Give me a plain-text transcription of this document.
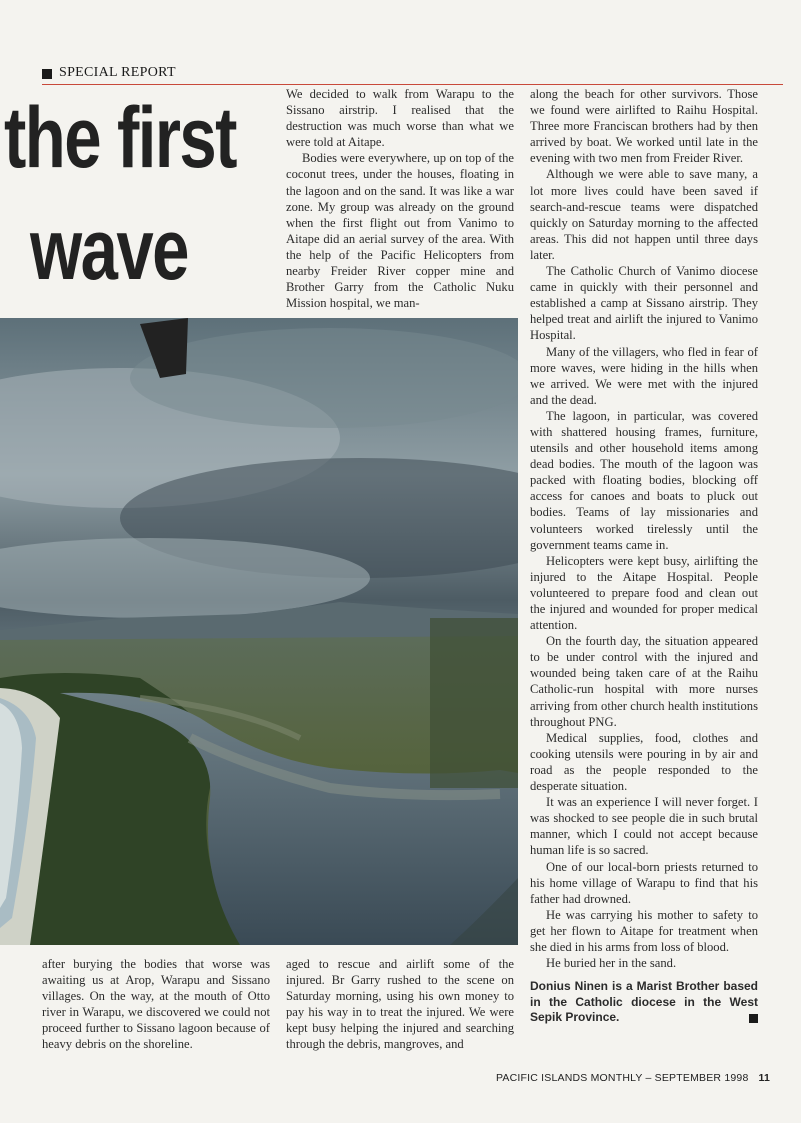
SPECIAL REPORT
the first
wave

We decided to walk from Warapu to the Sissano airstrip. I realised that the destruction was much worse than what we were told at Aitape.

Bodies were everywhere, up on top of the coconut trees, under the houses, floating in the lagoon and on the sand. It was like a war zone. My group was already on the ground when the first flight out from Vanimo to Aitape did an aerial survey of the area. With the help of the Pacific Helicopters from nearby Freider River copper mine and Brother Garry from the Catholic Nuku Mission hospital, we man-

along the beach for other survivors. Those we found were airlifted to Raihu Hospital. Three more Franciscan brothers had by then arrived by boat. We worked until late in the evening with two men from Freider River.

Although we were able to save many, a lot more lives could have been saved if search-and-rescue teams were dispatched quickly on Saturday morning to the affected areas. This did not happen until three days later.

The Catholic Church of Vanimo diocese came in quickly with their personnel and established a camp at Sissano airstrip. They helped treat and airlift the injured to Vanimo Hospital.

Many of the villagers, who fled in fear of more waves, were hiding in the hills when we arrived. We were met with the injured and the dead.

The lagoon, in particular, was covered with shattered housing frames, furniture, utensils and other household items among dead bodies. The mouth of the lagoon was packed with floating bodies, blocking off access for canoes and boats to pluck out bodies. Teams of lay missionaries and volunteers worked tirelessly until the government teams came in.

Helicopters were kept busy, airlifting the injured to the Aitape Hospital. People volunteered to prepare food and clean out the injured and wounded for proper medical attention.

On the fourth day, the situation appeared to be under control with the injured and wounded being taken care of at the Raihu Catholic-run hospital with more nurses arriving from other church health institutions throughout PNG.

Medical supplies, food, clothes and cooking utensils were pouring in by air and road as the people responded to the desperate situation.

It was an experience I will never forget. I was shocked to see people die in such brutal manner, which I could not accept because human life is so sacred.

One of our local-born priests returned to his home village of Warapu to find that his father had drowned.

He was carrying his mother to safety to get her flown to Aitape for treatment when she died in his arms from loss of blood.

He buried her in the sand.

Donius Ninen is a Marist Brother based in the Catholic diocese in the West Sepik Province.

after burying the bodies that worse was awaiting us at Arop, Warapu and Sissano villages. On the way, at the mouth of Otto river in Warapu, we discovered we could not proceed further to Sissano lagoon because of heavy debris on the shoreline.

aged to rescue and airlift some of the injured. Br Garry rushed to the scene on Saturday morning, using his own money to pay his way in to treat the injured. We were kept busy helping the injured and searching through the debris, mangroves, and

PACIFIC ISLANDS MONTHLY – SEPTEMBER 1998 11
